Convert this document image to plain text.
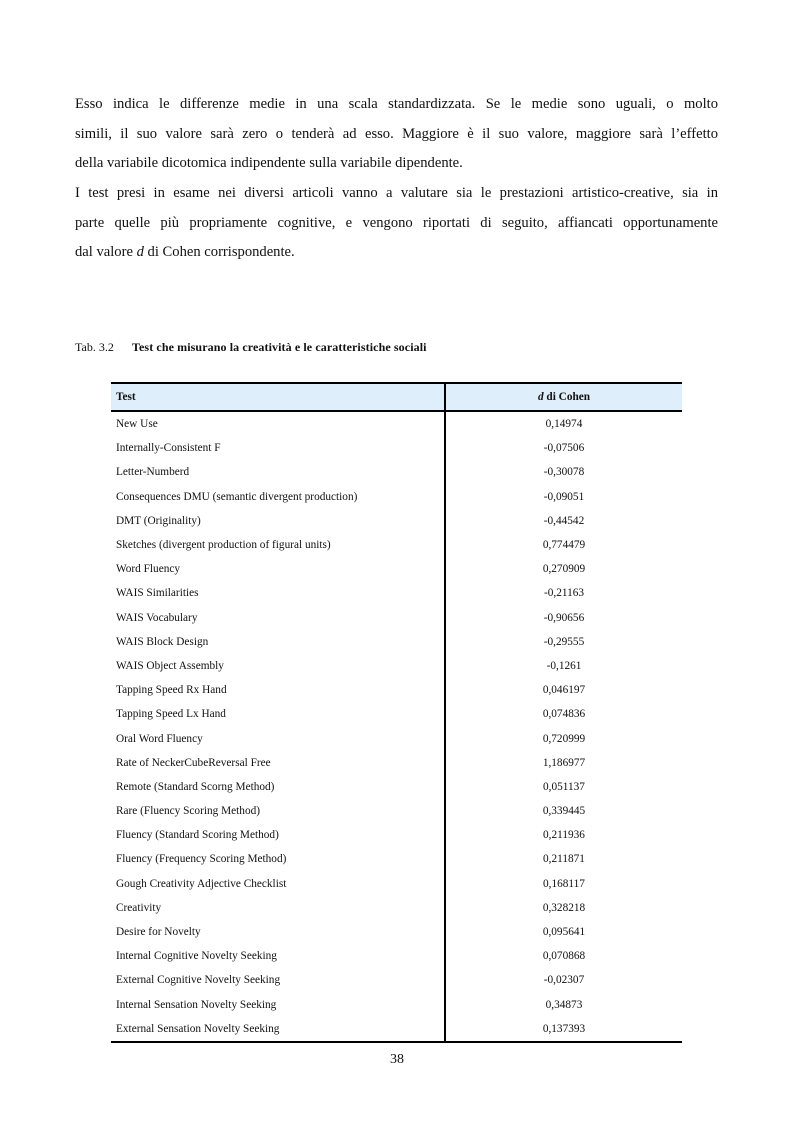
Esso indica le differenze medie in una scala standardizzata. Se le medie sono uguali, o molto
simili, il suo valore sarà zero o tenderà ad esso. Maggiore è il suo valore, maggiore sarà l’effetto
della variabile dicotomica indipendente sulla variabile dipendente.
I test presi in esame nei diversi articoli vanno a valutare sia le prestazioni artistico-creative, sia in
parte quelle più propriamente cognitive, e vengono riportati di seguito, affiancati opportunamente
dal valore d di Cohen corrispondente.
Tab. 3.2 Test che misurano la creatività e le caratteristiche sociali
Test	d di Cohen
New Use	0,14974
Internally-Consistent F	-0,07506
Letter-Numberd	-0,30078
Consequences DMU (semantic divergent production)	-0,09051
DMT (Originality)	-0,44542
Sketches (divergent production of figural units)	0,774479
Word Fluency	0,270909
WAIS Similarities	-0,21163
WAIS Vocabulary	-0,90656
WAIS Block Design	-0,29555
WAIS Object Assembly	-0,1261
Tapping Speed Rx Hand	0,046197
Tapping Speed Lx Hand	0,074836
Oral Word Fluency	0,720999
Rate of NeckerCubeReversal Free	1,186977
Remote (Standard Scorng Method)	0,051137
Rare (Fluency Scoring Method)	0,339445
Fluency (Standard Scoring Method)	0,211936
Fluency (Frequency Scoring Method)	0,211871
Gough Creativity Adjective Checklist	0,168117
Creativity	0,328218
Desire for Novelty	0,095641
Internal Cognitive Novelty Seeking	0,070868
External Cognitive Novelty Seeking	-0,02307
Internal Sensation Novelty Seeking	0,34873
External Sensation Novelty Seeking	0,137393
38
